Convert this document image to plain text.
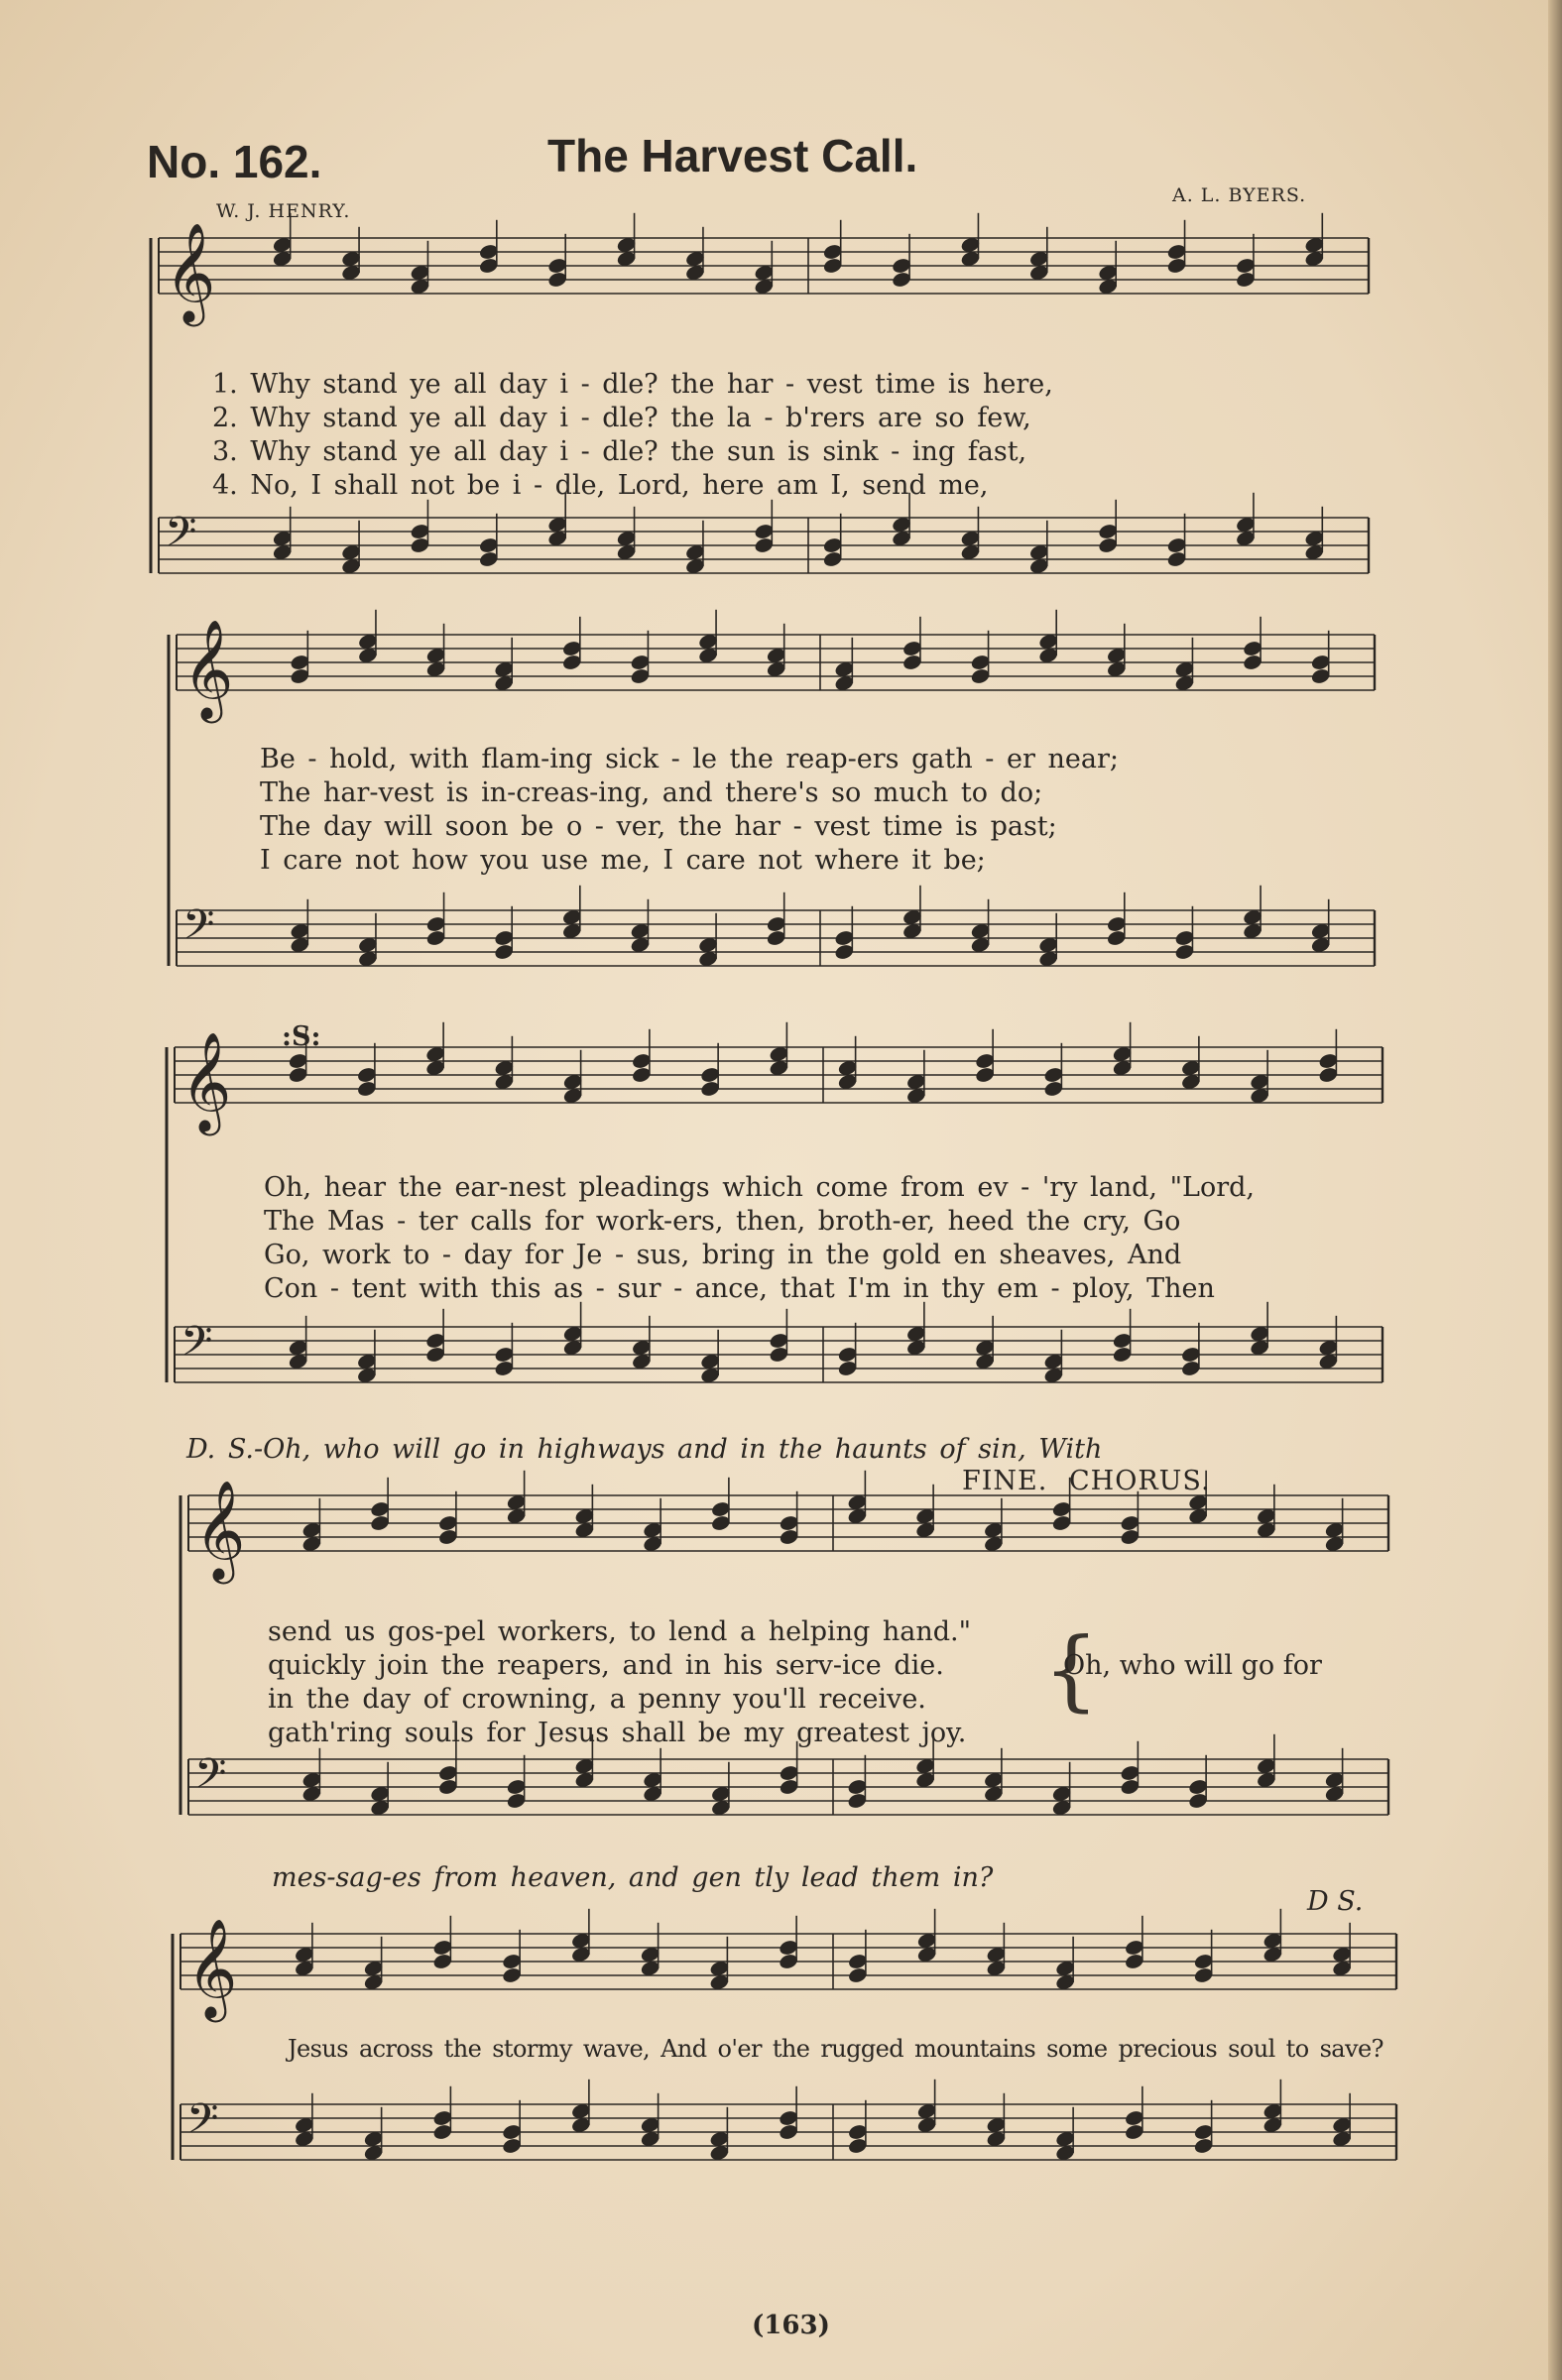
No. 162.	The Harvest Call.
W. J. HENRY.
A. L. BYERS.
𝄞
𝄢
𝄞
𝄢
𝄞
𝄢
𝄞
𝄢
𝄞
𝄢
1. Why stand ye all day i - dle? the har - vest time is here,
2. Why stand ye all day i - dle? the la - b'rers are so few,
3. Why stand ye all day i - dle? the sun is sink - ing fast,
4. No, I shall not be i - dle, Lord, here am I, send me,
Be - hold, with flam-ing sick - le the reap-ers gath - er near;
The har-vest is in-creas-ing, and there's so much to do;
The day will soon be o - ver, the har - vest time is past;
I care not how you use me, I care not where it be;
:S:
Oh, hear the ear-nest pleadings which come from ev - 'ry land, "Lord,
The Mas - ter calls for work-ers, then, broth-er, heed the cry, Go
Go, work to - day for Je - sus, bring in the gold en sheaves, And
Con - tent with this as - sur - ance, that I'm in thy em - ploy, Then
D. S.-Oh, who will go in highways and in the haunts of sin, With
FINE. CHORUS.
send us gos-pel workers, to lend a helping hand."
quickly join the reapers, and in his serv-ice die.
in the day of crowning, a penny you'll receive.
gath'ring souls for Jesus shall be my greatest joy.
{
Oh, who will go for
mes-sag-es from heaven, and gen tly lead them in?
D S.
Jesus across the stormy wave, And o'er the rugged mountains some precious soul to save?
(163)
